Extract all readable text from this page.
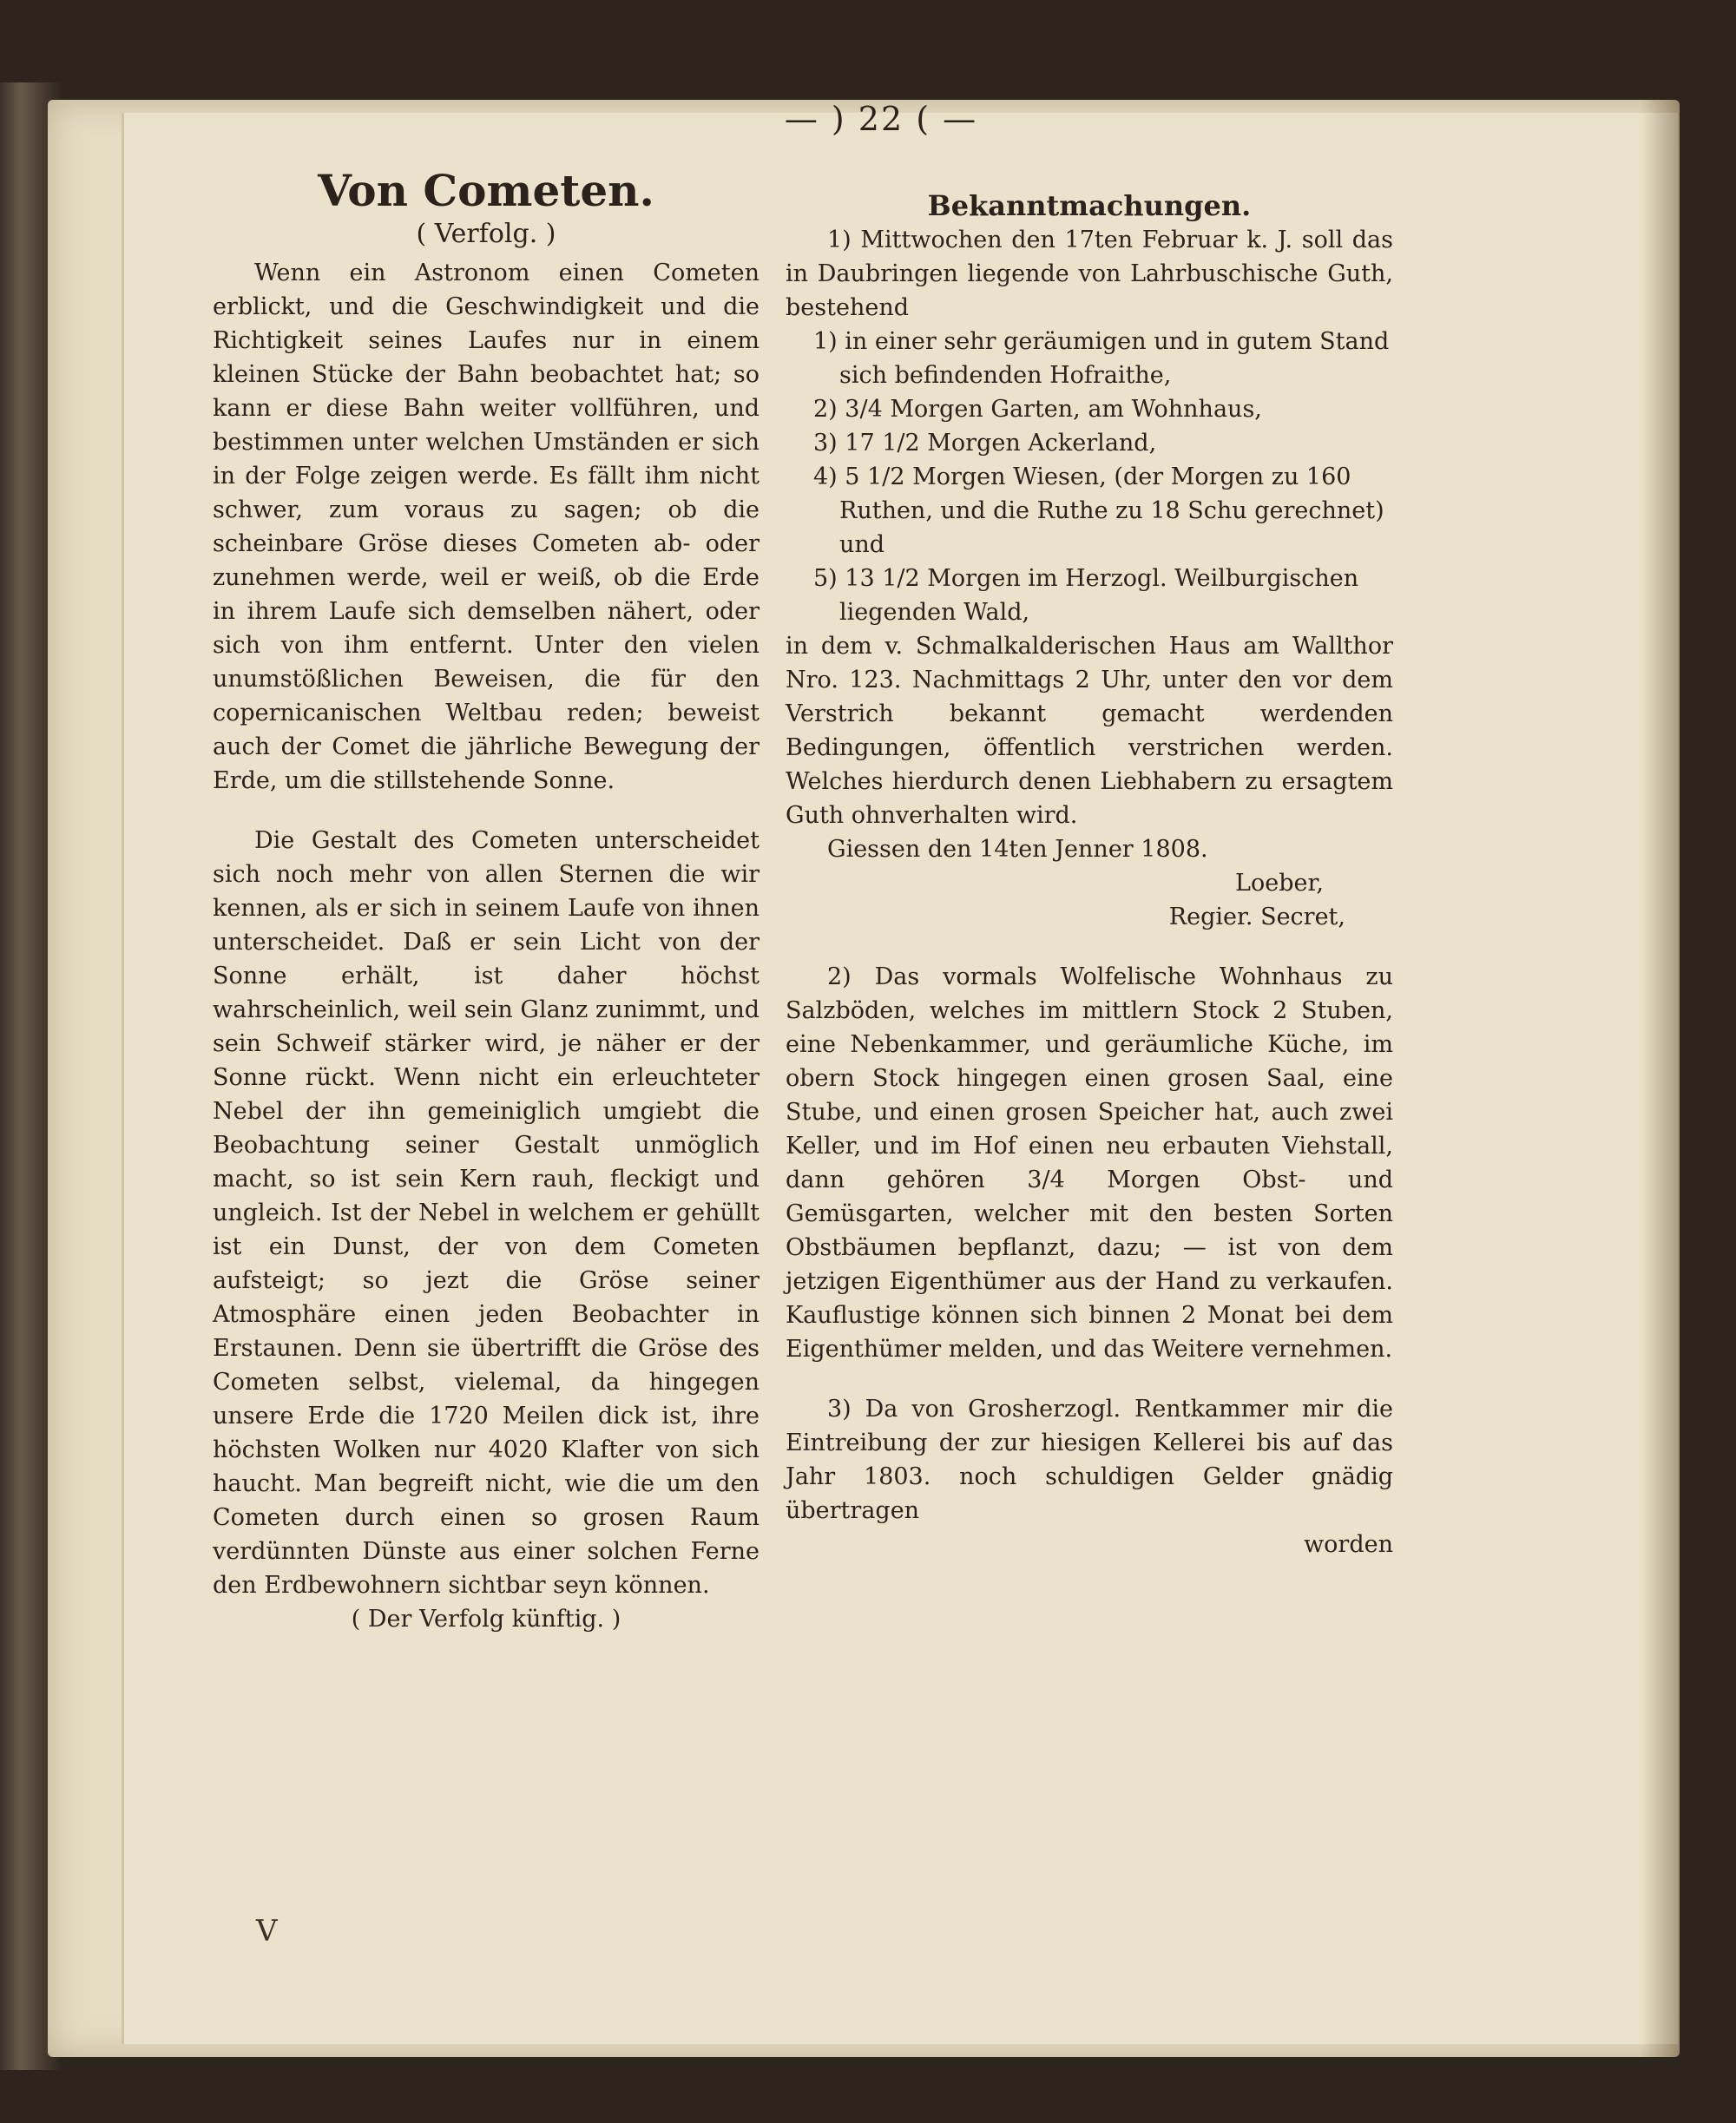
— ) 22 ( —

Von Cometen.

( Verfolg. )

Wenn ein Astronom einen Cometen erblickt, und die Geschwindigkeit und die Richtigkeit seines Laufes nur in einem kleinen Stücke der Bahn beobachtet hat; so kann er diese Bahn weiter vollführen, und bestimmen unter welchen Umständen er sich in der Folge zeigen werde. Es fällt ihm nicht schwer, zum voraus zu sagen; ob die scheinbare Gröse dieses Cometen ab- oder zunehmen werde, weil er weiß, ob die Erde in ihrem Laufe sich demselben nähert, oder sich von ihm entfernt. Unter den vielen unumstößlichen Beweisen, die für den copernicanischen Weltbau reden; beweist auch der Comet die jährliche Bewegung der Erde, um die stillstehende Sonne.

Die Gestalt des Cometen unterscheidet sich noch mehr von allen Sternen die wir kennen, als er sich in seinem Laufe von ihnen unterscheidet. Daß er sein Licht von der Sonne erhält, ist daher höchst wahrscheinlich, weil sein Glanz zunimmt, und sein Schweif stärker wird, je näher er der Sonne rückt. Wenn nicht ein erleuchteter Nebel der ihn gemeiniglich umgiebt die Beobachtung seiner Gestalt unmöglich macht, so ist sein Kern rauh, fleckigt und ungleich. Ist der Nebel in welchem er gehüllt ist ein Dunst, der von dem Cometen aufsteigt; so jezt die Gröse seiner Atmosphäre einen jeden Beobachter in Erstaunen. Denn sie übertrifft die Gröse des Cometen selbst, vielemal, da hingegen unsere Erde die 1720 Meilen dick ist, ihre höchsten Wolken nur 4020 Klafter von sich haucht. Man begreift nicht, wie die um den Cometen durch einen so grosen Raum verdünnten Dünste aus einer solchen Ferne den Erdbewohnern sichtbar seyn können.

( Der Verfolg künftig. )

Bekanntmachungen.

1) Mittwochen den 17ten Februar k. J. soll das in Daubringen liegende von Lahrbuschische Guth, bestehend

1) in einer sehr geräumigen und in gutem Stand sich befindenden Hofraithe,

2) 3/4 Morgen Garten, am Wohnhaus,

3) 17 1/2 Morgen Ackerland,

4) 5 1/2 Morgen Wiesen, (der Morgen zu 160 Ruthen, und die Ruthe zu 18 Schu gerechnet) und

5) 13 1/2 Morgen im Herzogl. Weilburgischen liegenden Wald,

in dem v. Schmalkalderischen Haus am Wallthor Nro. 123. Nachmittags 2 Uhr, unter den vor dem Verstrich bekannt gemacht werdenden Bedingungen, öffentlich verstrichen werden. Welches hierdurch denen Liebhabern zu ersagtem Guth ohnverhalten wird.

Giessen den 14ten Jenner 1808.

Loeber,

Regier. Secret,

2) Das vormals Wolfelische Wohnhaus zu Salzböden, welches im mittlern Stock 2 Stuben, eine Nebenkammer, und geräumliche Küche, im obern Stock hingegen einen grosen Saal, eine Stube, und einen grosen Speicher hat, auch zwei Keller, und im Hof einen neu erbauten Viehstall, dann gehören 3/4 Morgen Obst- und Gemüsgarten, welcher mit den besten Sorten Obstbäumen bepflanzt, dazu; — ist von dem jetzigen Eigenthümer aus der Hand zu verkaufen. Kauflustige können sich binnen 2 Monat bei dem Eigenthümer melden, und das Weitere vernehmen.

3) Da von Grosherzogl. Rentkammer mir die Eintreibung der zur hiesigen Kellerei bis auf das Jahr 1803. noch schuldigen Gelder gnädig übertragen

worden

V
